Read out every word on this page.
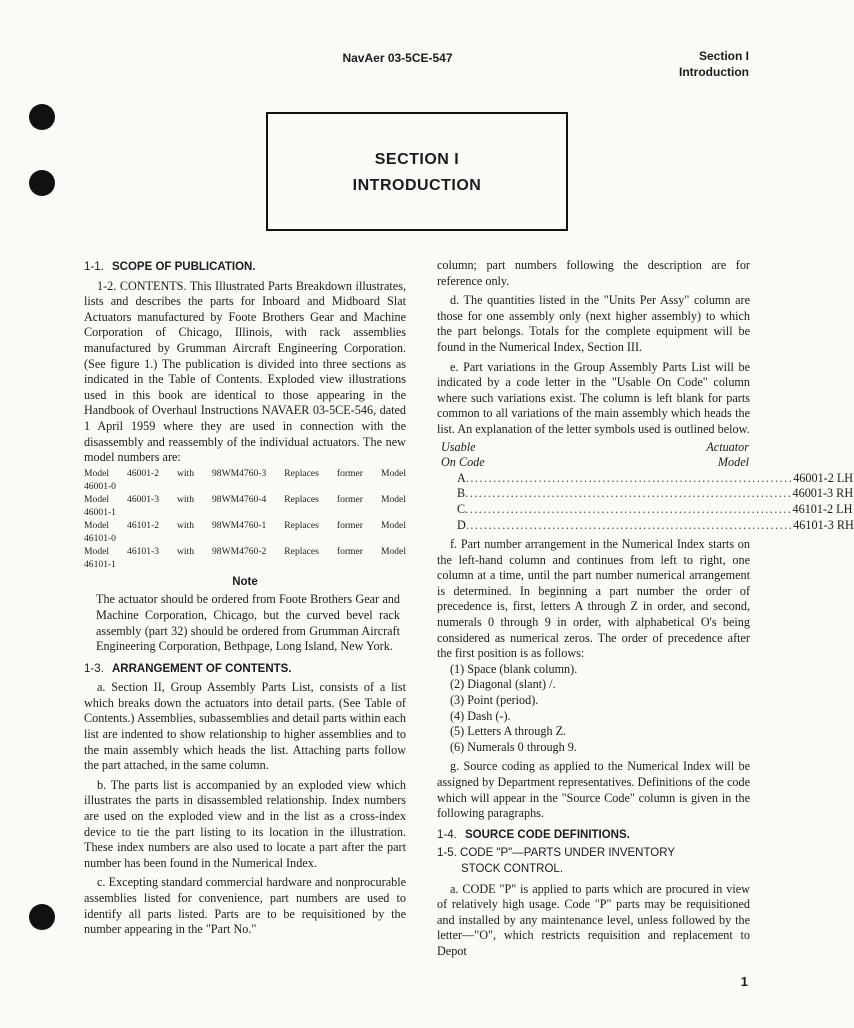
NavAer 03-5CE-547	Section I
Introduction
SECTION I
INTRODUCTION
1-1. SCOPE OF PUBLICATION.

1-2. CONTENTS. This Illustrated Parts Breakdown illustrates, lists and describes the parts for Inboard and Midboard Slat Actuators manufactured by Foote Brothers Gear and Machine Corporation of Chicago, Illinois, with rack assemblies manufactured by Grumman Aircraft Engineering Corporation. (See figure 1.) The publication is divided into three sections as indicated in the Table of Contents. Exploded view illustrations used in this book are identical to those appearing in the Handbook of Overhaul Instructions NAVAER 03-5CE-546, dated 1 April 1959 where they are used in connection with the disassembly and reassembly of the individual actuators. The new model numbers are:

Model 46001-2 with 98WM4760-3 Replaces former Model
46001-0
Model 46001-3 with 98WM4760-4 Replaces former Model
46001-1
Model 46101-2 with 98WM4760-1 Replaces former Model
46101-0
Model 46101-3 with 98WM4760-2 Replaces former Model
46101-1
Note

The actuator should be ordered from Foote Brothers Gear and Machine Corporation, Chicago, but the curved bevel rack assembly (part 32) should be ordered from Grumman Aircraft Engineering Corporation, Bethpage, Long Island, New York.

1-3. ARRANGEMENT OF CONTENTS.

a. Section II, Group Assembly Parts List, consists of a list which breaks down the actuators into detail parts. (See Table of Contents.) Assemblies, subassemblies and detail parts within each list are indented to show relationship to higher assemblies and to the main assembly which heads the list. Attaching parts follow the part attached, in the same column.

b. The parts list is accompanied by an exploded view which illustrates the parts in disassembled relationship. Index numbers are used on the exploded view and in the list as a cross-index device to tie the part listing to its location in the illustration. These index numbers are also used to locate a part after the part number has been found in the Numerical Index.

c. Excepting standard commercial hardware and nonprocurable assemblies listed for convenience, part numbers are used to identify all parts listed. Parts are to be requisitioned by the number appearing in the "Part No."

column; part numbers following the description are for reference only.

d. The quantities listed in the "Units Per Assy" column are those for one assembly only (next higher assembly) to which the part belongs. Totals for the complete equipment will be found in the Numerical Index, Section III.

e. Part variations in the Group Assembly Parts List will be indicated by a code letter in the "Usable On Code" column where such variations exist. The column is left blank for parts common to all variations of the main assembly which heads the list. An explanation of the letter symbols used is outlined below.

Usable
On Code
Actuator
Model
A ........................................................................ 46001-2 LH
B ........................................................................ 46001-3 RH
C ........................................................................ 46101-2 LH
D ........................................................................ 46101-3 RH

f. Part number arrangement in the Numerical Index starts on the left-hand column and continues from left to right, one column at a time, until the part number numerical arrangement is determined. In beginning a part number the order of precedence is, first, letters A through Z in order, and second, numerals 0 through 9 in order, with alphabetical O's being considered as numerical zeros. The order of precedence after the first position is as follows:

(1) Space (blank column).
(2) Diagonal (slant) /.
(3) Point (period).
(4) Dash (-).
(5) Letters A through Z.
(6) Numerals 0 through 9.

g. Source coding as applied to the Numerical Index will be assigned by Department representatives. Definitions of the code which will appear in the "Source Code" column is given in the following paragraphs.

1-4. SOURCE CODE DEFINITIONS.
1-5. CODE "P"—PARTS UNDER INVENTORY
STOCK CONTROL.

a. CODE "P" is applied to parts which are procured in view of relatively high usage. Code "P" parts may be requisitioned and installed by any maintenance level, unless followed by the letter—"O", which restricts requisition and replacement to Depot

1
